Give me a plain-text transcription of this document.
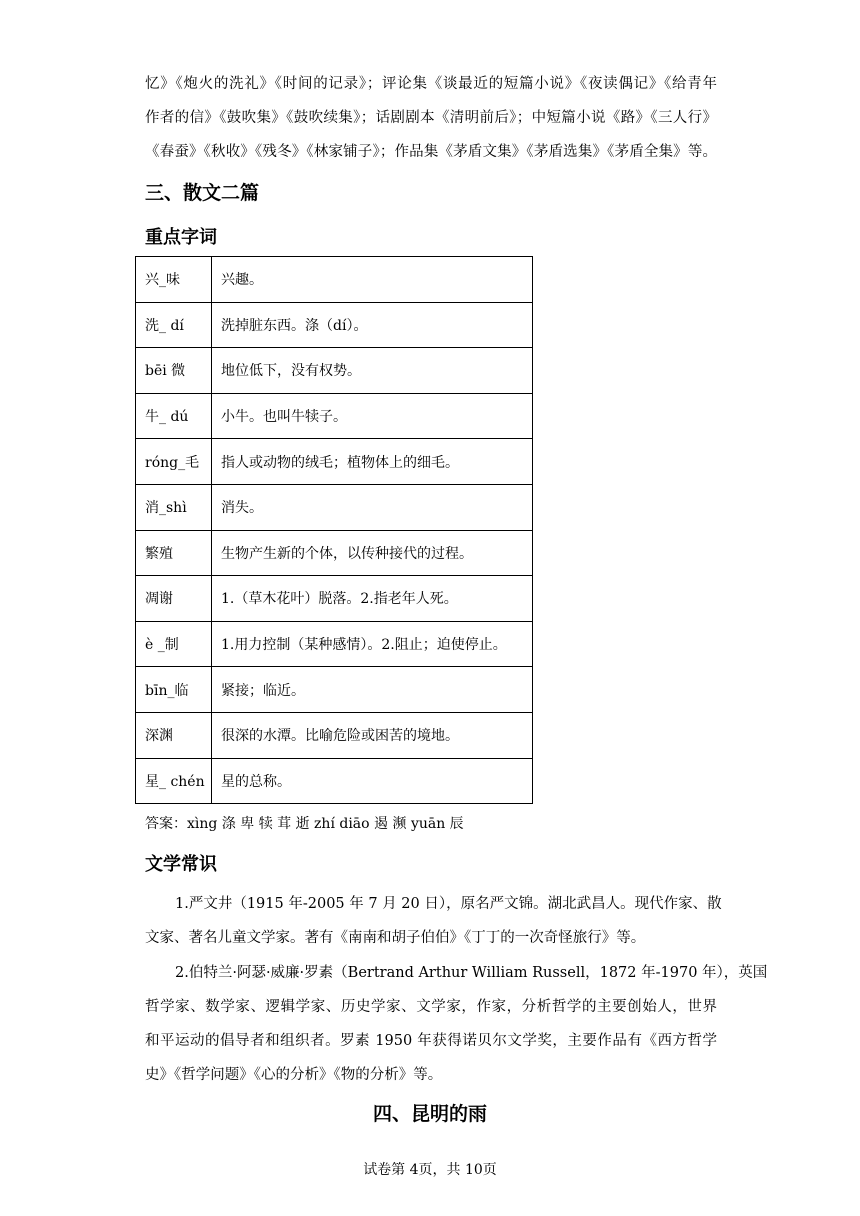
忆》《炮火的洗礼》《时间的记录》；评论集《谈最近的短篇小说》《夜读偶记》《给青年
作者的信》《鼓吹集》《鼓吹续集》；话剧剧本《清明前后》；中短篇小说《路》《三人行》
《春蚕》《秋收》《残冬》《林家铺子》；作品集《茅盾文集》《茅盾选集》《茅盾全集》等。
三、散文二篇
重点字词
兴_味	兴趣。
洗_ dí	洗掉脏东西。涤（dí）。
bēi 微	地位低下，没有权势。
牛_ dú	小牛。也叫牛犊子。
róng_毛	指人或动物的绒毛；植物体上的细毛。
消_shì	消失。
繁殖	生物产生新的个体，以传种接代的过程。
凋谢	1.（草木花叶）脱落。2.指老年人死。
è _制	1.用力控制（某种感情）。2.阻止；迫使停止。
bīn_临	紧接；临近。
深渊	很深的水潭。比喻危险或困苦的境地。
星_ chén	星的总称。
答案：xìng 涤 卑 犊 茸 逝 zhí diāo 遏 濒 yuān 辰
文学常识
1.严文井（1915 年-2005 年 7 月 20 日），原名严文锦。湖北武昌人。现代作家、散
文家、著名儿童文学家。著有《南南和胡子伯伯》《丁丁的一次奇怪旅行》等。
2.伯特兰·阿瑟·威廉·罗素（Bertrand Arthur William Russell，1872 年-1970 年），英国
哲学家、数学家、逻辑学家、历史学家、文学家，作家，分析哲学的主要创始人，世界
和平运动的倡导者和组织者。罗素 1950 年获得诺贝尔文学奖，主要作品有《西方哲学
史》《哲学问题》《心的分析》《物的分析》等。
四、昆明的雨
试卷第 4页，共 10页
